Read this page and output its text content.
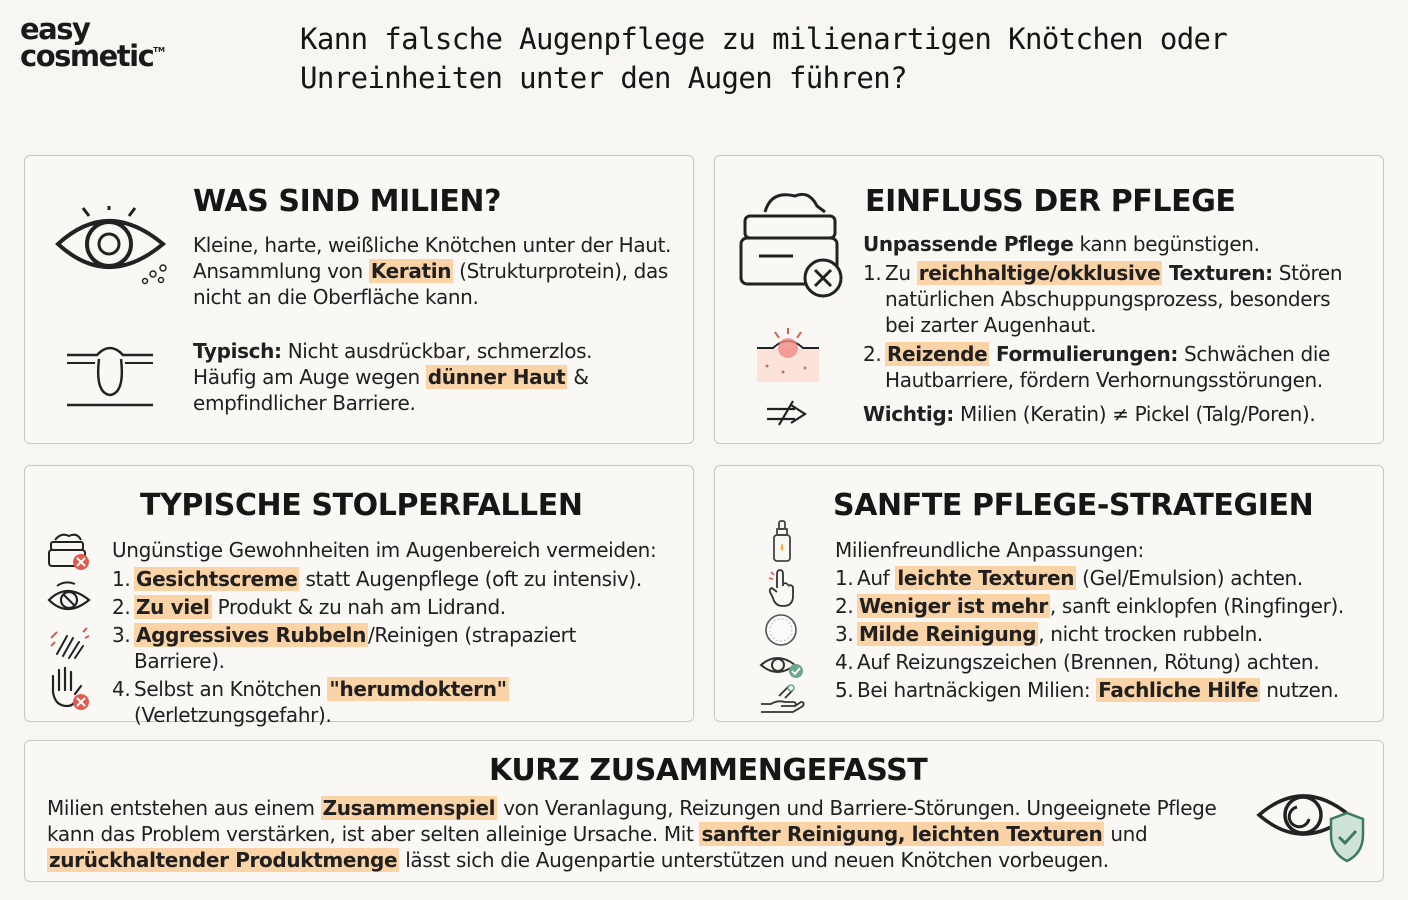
easy
cosmetic™	Kann falsche Augenpflege zu milienartigen Knötchen oder
Unreinheiten unter den Augen führen?
WAS SIND MILIEN?
Kleine, harte, weißliche Knötchen unter der Haut. Ansammlung von Keratin (Strukturprotein), das nicht an die Oberfläche kann.
Typisch: Nicht ausdrückbar, schmerzlos. Häufig am Auge wegen dünner Haut & empfindlicher Barriere.
EINFLUSS DER PFLEGE
Unpassende Pflege kann begünstigen.
1. Zu reichhaltige/okklusive Texturen: Stören natürlichen Abschuppungsprozess, besonders bei zarter Augenhaut.
2. Reizende Formulierungen: Schwächen die Hautbarriere, fördern Verhornungsstörungen.
Wichtig: Milien (Keratin) ≠ Pickel (Talg/Poren).
TYPISCHE STOLPERFALLEN
Ungünstige Gewohnheiten im Augenbereich vermeiden:
1. Gesichtscreme statt Augenpflege (oft zu intensiv).
2. Zu viel Produkt & zu nah am Lidrand.
3. Aggressives Rubbeln /Reinigen (strapaziert Barriere).
4. Selbst an Knötchen "herumdoktern" (Verletzungsgefahr).
SANFTE PFLEGE-STRATEGIEN
Milienfreundliche Anpassungen:
1. Auf leichte Texturen (Gel/Emulsion) achten.
2. Weniger ist mehr , sanft einklopfen (Ringfinger).
3. Milde Reinigung , nicht trocken rubbeln.
4. Auf Reizungszeichen (Brennen, Rötung) achten.
5. Bei hartnäckigen Milien: Fachliche Hilfe nutzen.
KURZ ZUSAMMENGEFASST
Milien entstehen aus einem Zusammenspiel von Veranlagung, Reizungen und Barriere-Störungen. Ungeeignete Pflege kann das Problem verstärken, ist aber selten alleinige Ursache. Mit sanfter Reinigung, leichten Texturen und zurückhaltender Produktmenge lässt sich die Augenpartie unterstützen und neuen Knötchen vorbeugen.
